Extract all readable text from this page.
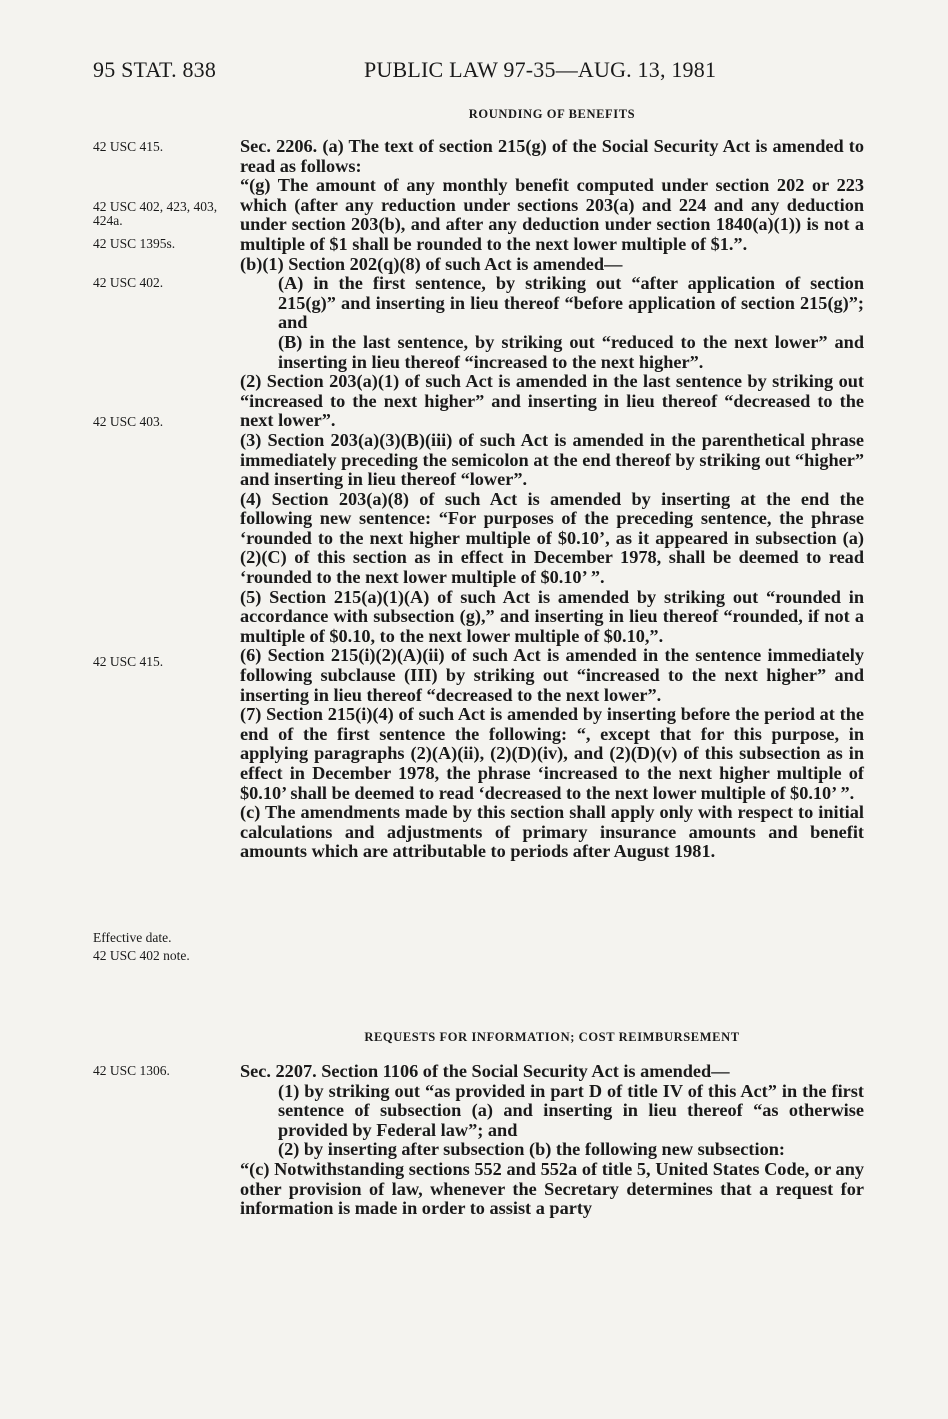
95 STAT. 838	PUBLIC LAW 97-35—AUG. 13, 1981
ROUNDING OF BENEFITS
42 USC 415.
42 USC 402, 423, 403, 424a.
42 USC 1395s.
42 USC 402.
42 USC 403.
42 USC 415.
Effective date.
42 USC 402 note.
42 USC 1306.

Sec. 2206. (a) The text of section 215(g) of the Social Security Act is amended to read as follows:

“(g) The amount of any monthly benefit computed under section 202 or 223 which (after any reduction under sections 203(a) and 224 and any deduction under section 203(b), and after any deduction under section 1840(a)(1)) is not a multiple of $1 shall be rounded to the next lower multiple of $1.”.

(b)(1) Section 202(q)(8) of such Act is amended—

(A) in the first sentence, by striking out “after application of section 215(g)” and inserting in lieu thereof “before application of section 215(g)”; and

(B) in the last sentence, by striking out “reduced to the next lower” and inserting in lieu thereof “increased to the next higher”.

(2) Section 203(a)(1) of such Act is amended in the last sentence by striking out “increased to the next higher” and inserting in lieu thereof “decreased to the next lower”.

(3) Section 203(a)(3)(B)(iii) of such Act is amended in the parenthetical phrase immediately preceding the semicolon at the end thereof by striking out “higher” and inserting in lieu thereof “lower”.

(4) Section 203(a)(8) of such Act is amended by inserting at the end the following new sentence: “For purposes of the preceding sentence, the phrase ‘rounded to the next higher multiple of $0.10’, as it appeared in subsection (a)(2)(C) of this section as in effect in December 1978, shall be deemed to read ‘rounded to the next lower multiple of $0.10’ ”.

(5) Section 215(a)(1)(A) of such Act is amended by striking out “rounded in accordance with subsection (g),” and inserting in lieu thereof “rounded, if not a multiple of $0.10, to the next lower multiple of $0.10,”.

(6) Section 215(i)(2)(A)(ii) of such Act is amended in the sentence immediately following subclause (III) by striking out “increased to the next higher” and inserting in lieu thereof “decreased to the next lower”.

(7) Section 215(i)(4) of such Act is amended by inserting before the period at the end of the first sentence the following: “, except that for this purpose, in applying paragraphs (2)(A)(ii), (2)(D)(iv), and (2)(D)(v) of this subsection as in effect in December 1978, the phrase ‘increased to the next higher multiple of $0.10’ shall be deemed to read ‘decreased to the next lower multiple of $0.10’ ”.

(c) The amendments made by this section shall apply only with respect to initial calculations and adjustments of primary insurance amounts and benefit amounts which are attributable to periods after August 1981.

REQUESTS FOR INFORMATION; COST REIMBURSEMENT

Sec. 2207. Section 1106 of the Social Security Act is amended—

(1) by striking out “as provided in part D of title IV of this Act” in the first sentence of subsection (a) and inserting in lieu thereof “as otherwise provided by Federal law”; and

(2) by inserting after subsection (b) the following new subsection:

“(c) Notwithstanding sections 552 and 552a of title 5, United States Code, or any other provision of law, whenever the Secretary determines that a request for information is made in order to assist a party
